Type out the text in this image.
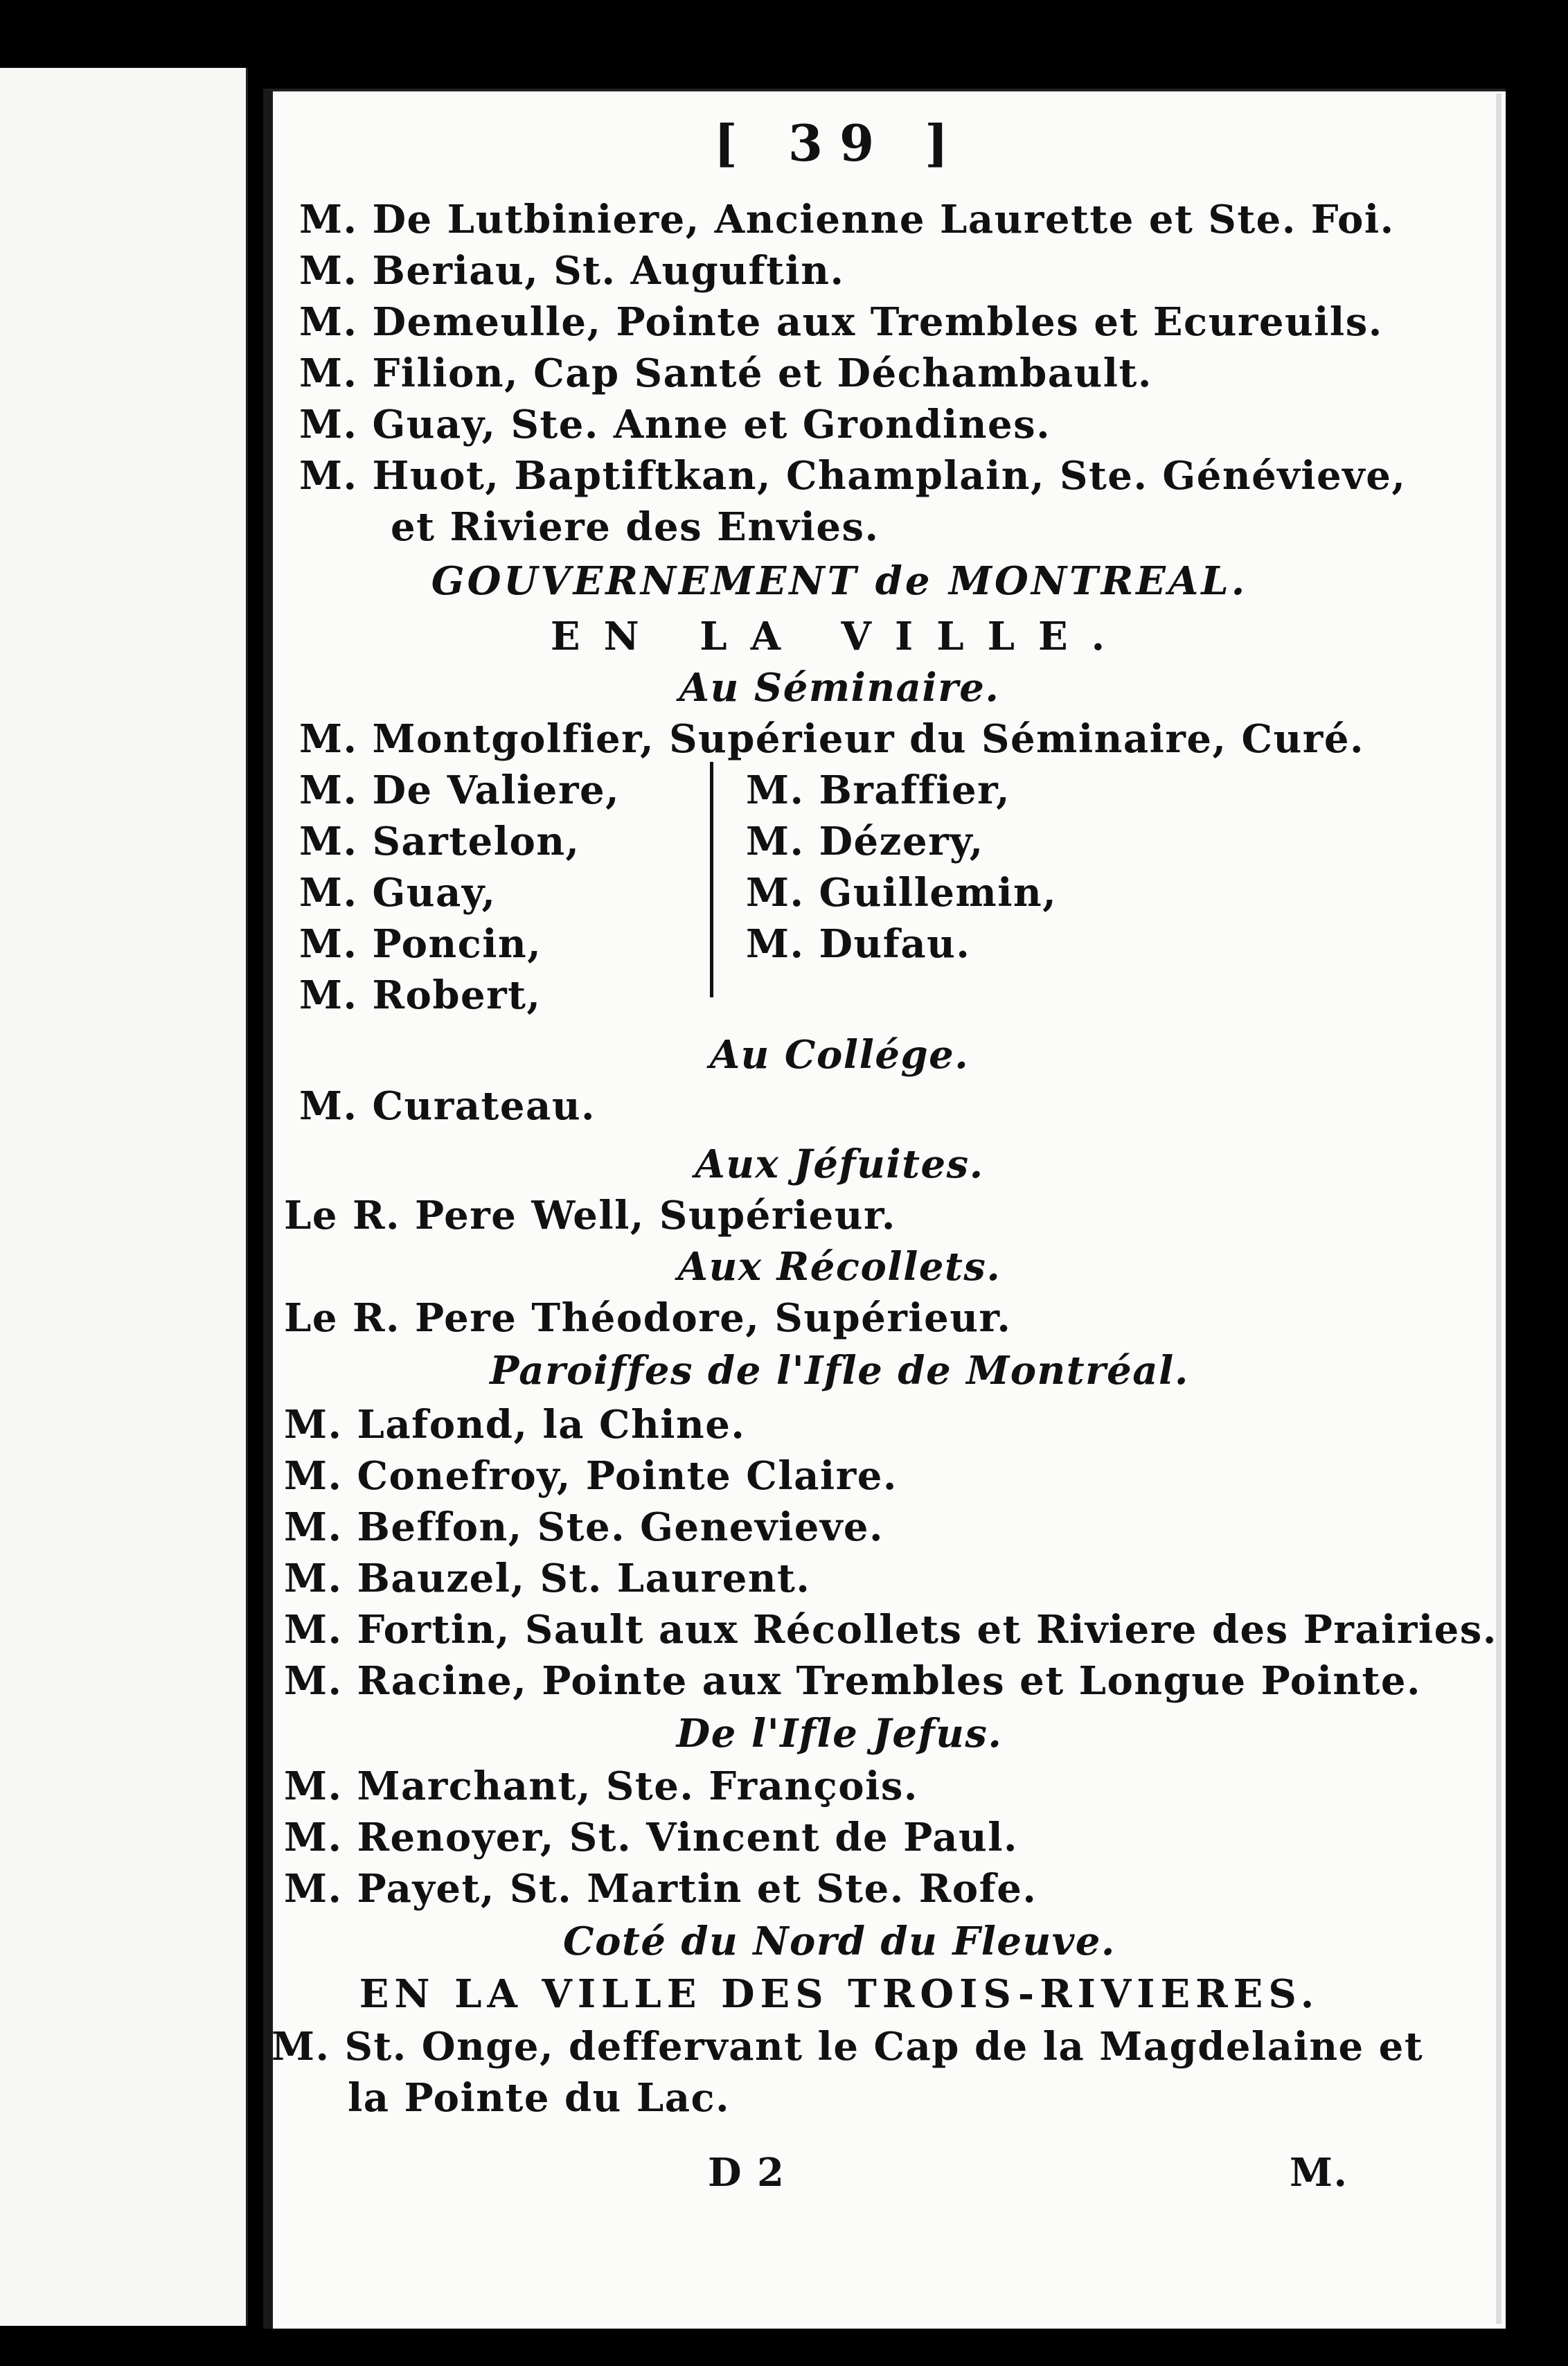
[ 39 ]
M. De Lutbiniere, Ancienne Laurette et Ste. Foi.
M. Beriau, St. Auguftin.
M. Demeulle, Pointe aux Trembles et Ecureuils.
M. Filion, Cap Santé et Déchambault.
M. Guay, Ste. Anne et Grondines.
M. Huot, Baptiftkan, Champlain, Ste. Génévieve,
et Riviere des Envies.
GOUVERNEMENT de MONTREAL.
EN LA VILLE.
Au Séminaire.
M. Montgolfier, Supérieur du Séminaire, Curé.
M. De Valiere,
M. Sartelon,
M. Guay,
M. Poncin,
M. Robert,
M. Braffier,
M. Dézery,
M. Guillemin,
M. Dufau.
Au Collége.
M. Curateau.
Aux Jéfuites.
Le R. Pere Well, Supérieur.
Aux Récollets.
Le R. Pere Théodore, Supérieur.
Paroiffes de l'Ifle de Montréal.
M. Lafond, la Chine.
M. Conefroy, Pointe Claire.
M. Beffon, Ste. Genevieve.
M. Bauzel, St. Laurent.
M. Fortin, Sault aux Récollets et Riviere des Prairies.
M. Racine, Pointe aux Trembles et Longue Pointe.
De l'Ifle Jefus.
M. Marchant, Ste. François.
M. Renoyer, St. Vincent de Paul.
M. Payet, St. Martin et Ste. Rofe.
Coté du Nord du Fleuve.
EN LA VILLE DES TROIS-RIVIERES.
M. St. Onge, deffervant le Cap de la Magdelaine et
la Pointe du Lac.
D 2	M.
